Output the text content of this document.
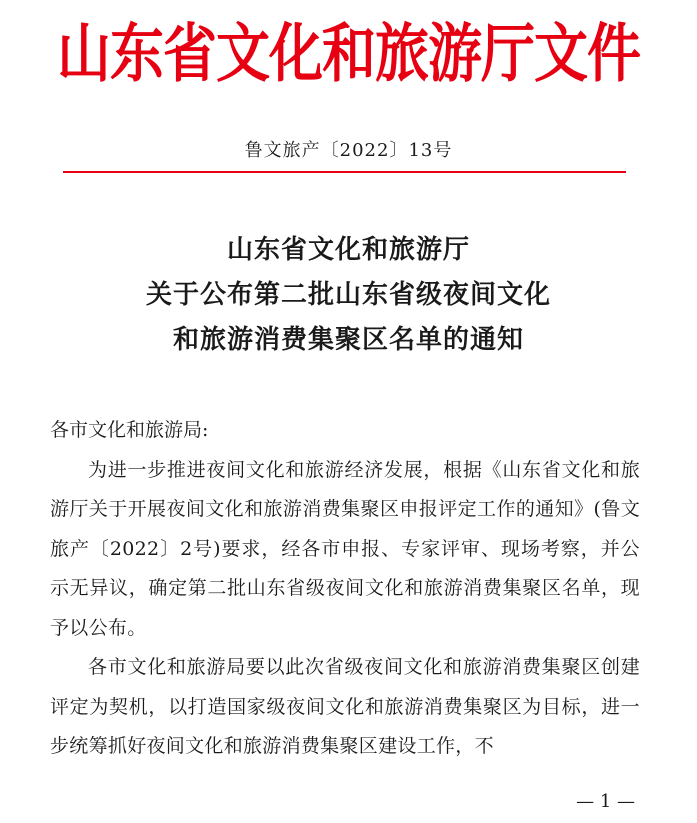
山东省文化和旅游厅文件
鲁文旅产〔2022〕13号
山东省文化和旅游厅
关于公布第二批山东省级夜间文化
和旅游消费集聚区名单的通知
各市文化和旅游局:
为进一步推进夜间文化和旅游经济发展，根据《山东省文化和旅游厅关于开展夜间文化和旅游消费集聚区申报评定工作的通知》(鲁文旅产〔2022〕2号)要求，经各市申报、专家评审、现场考察，并公示无异议，确定第二批山东省级夜间文化和旅游消费集聚区名单，现予以公布。
各市文化和旅游局要以此次省级夜间文化和旅游消费集聚区创建评定为契机，以打造国家级夜间文化和旅游消费集聚区为目标，进一步统筹抓好夜间文化和旅游消费集聚区建设工作，不
— 1 —
